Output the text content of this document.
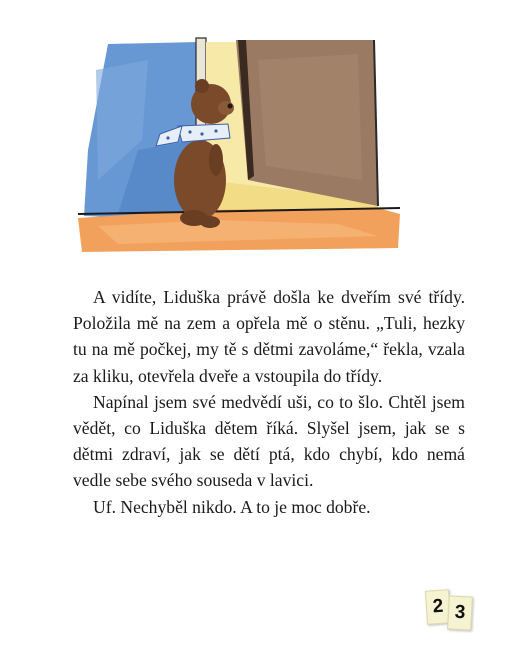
A vidíte, Liduška právě došla ke dveřím své třídy. Položila mě na zem a opřela mě o stěnu. „Tuli, hezky tu na mě počkej, my tě s dětmi zavoláme,“ řekla, vzala za kliku, otevřela dveře a vstoupila do třídy.

Napínal jsem své medvědí uši, co to šlo. Chtěl jsem vědět, co Liduška dětem říká. Slyšel jsem, jak se s dětmi zdraví, jak se dětí ptá, kdo chybí, kdo nemá vedle sebe svého souseda v lavici.

Uf. Nechyběl nikdo. A to je moc dobře.

2 3
